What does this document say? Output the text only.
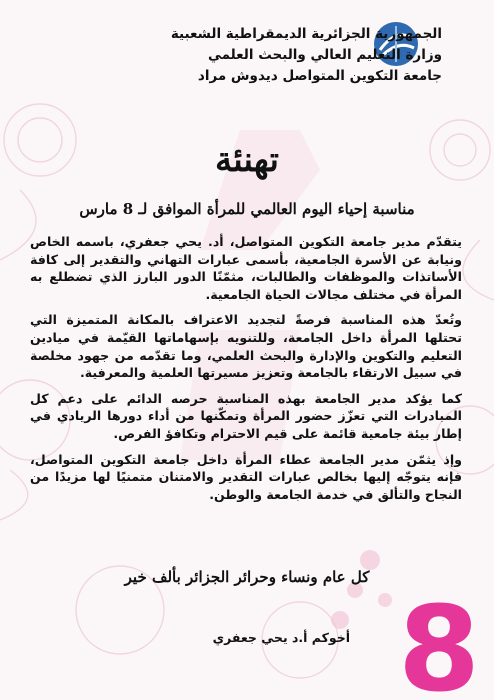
الجمهورية الجزائرية الديمقراطية الشعبية
وزارة التعليم العالي والبحث العلمي
جامعة التكوين المتواصل ديدوش مراد
تهنئة
مناسبة إحياء اليوم العالمي للمرأة الموافق لـ 8 مارس

يتقدّم مدير جامعة التكوين المتواصل، أد. يحي جعفري، باسمه الخاص ونيابة عن الأسرة الجامعية، بأسمى عبارات التهاني والتقدير إلى كافة الأساتذات والموظفات والطالبات، مثمّنًا الدور البارز الذي تضطلع به المرأة في مختلف مجالات الحياة الجامعية.

وتُعدّ هذه المناسبة فرصةً لتجديد الاعتراف بالمكانة المتميزة التي تحتلها المرأة داخل الجامعة، وللتنويه بإسهاماتها القيّمة في ميادين التعليم والتكوين والإدارة والبحث العلمي، وما تقدّمه من جهود مخلصة في سبيل الارتقاء بالجامعة وتعزيز مسيرتها العلمية والمعرفية.

كما يؤكد مدير الجامعة بهذه المناسبة حرصه الدائم على دعم كل المبادرات التي تعزّز حضور المرأة وتمكّنها من أداء دورها الريادي في إطار بيئة جامعية قائمة على قيم الاحترام وتكافؤ الفرص.

وإذ يثمّن مدير الجامعة عطاء المرأة داخل جامعة التكوين المتواصل، فإنه يتوجّه إليها بخالص عبارات التقدير والامتنان متمنيًا لها مزيدًا من النجاح والتألق في خدمة الجامعة والوطن.

كل عام ونساء وحرائر الجزائر بألف خير
أخوكم أ.د يحي جعفري 8
